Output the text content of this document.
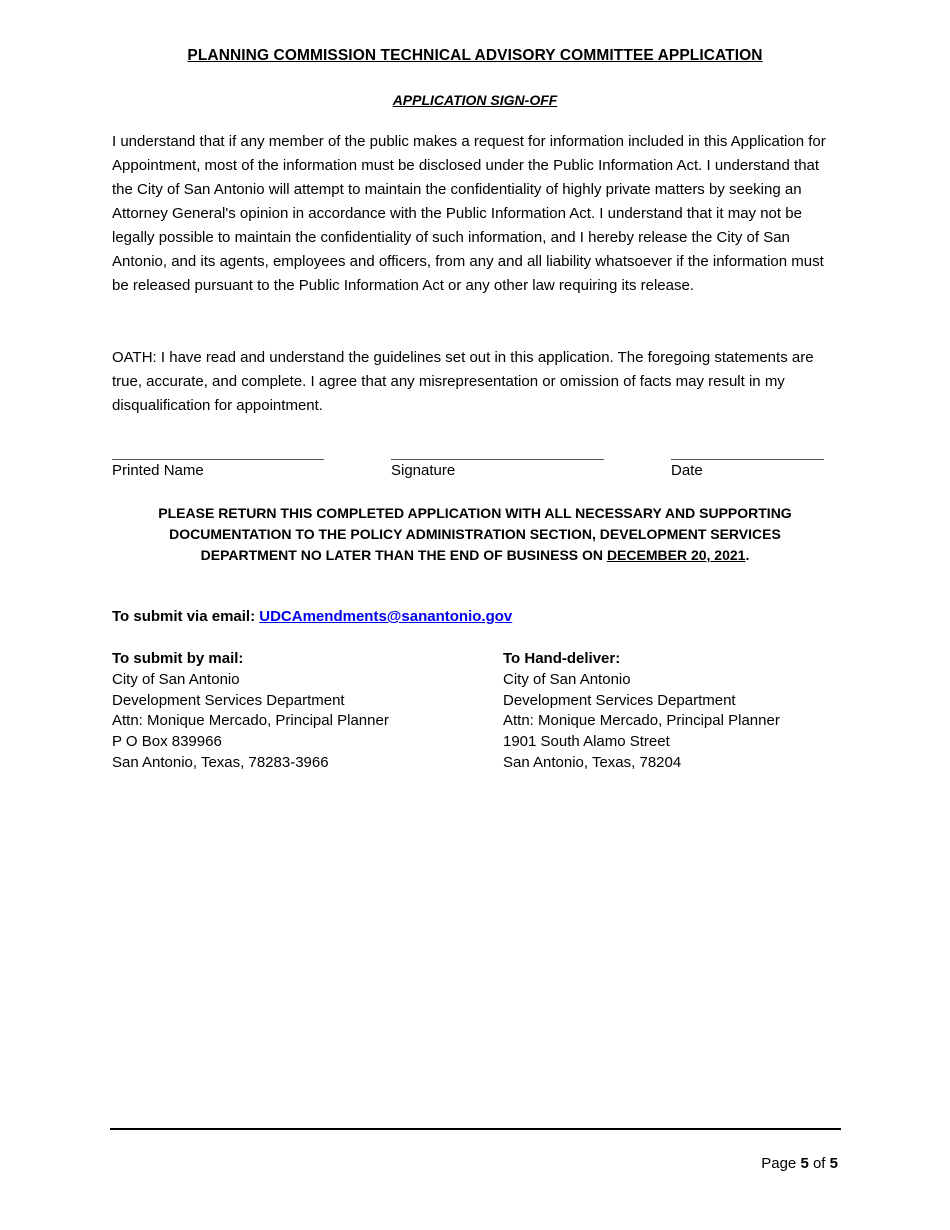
PLANNING COMMISSION TECHNICAL ADVISORY COMMITTEE APPLICATION
APPLICATION SIGN-OFF
I understand that if any member of the public makes a request for information included in this Application for Appointment, most of the information must be disclosed under the Public Information Act. I understand that the City of San Antonio will attempt to maintain the confidentiality of highly private matters by seeking an Attorney General's opinion in accordance with the Public Information Act. I understand that it may not be legally possible to maintain the confidentiality of such information, and I hereby release the City of San Antonio, and its agents, employees and officers, from any and all liability whatsoever if the information must be released pursuant to the Public Information Act or any other law requiring its release.
OATH: I have read and understand the guidelines set out in this application. The foregoing statements are true, accurate, and complete. I agree that any misrepresentation or omission of facts may result in my disqualification for appointment.
Printed Name	Signature	Date
PLEASE RETURN THIS COMPLETED APPLICATION WITH ALL NECESSARY AND SUPPORTING
DOCUMENTATION TO THE POLICY ADMINISTRATION SECTION, DEVELOPMENT SERVICES
DEPARTMENT NO LATER THAN THE END OF BUSINESS ON DECEMBER 20, 2021.
To submit via email: UDCAmendments@sanantonio.gov
To submit by mail:
City of San Antonio
Development Services Department
Attn: Monique Mercado, Principal Planner
P O Box 839966
San Antonio, Texas, 78283-3966
To Hand-deliver:
City of San Antonio
Development Services Department
Attn: Monique Mercado, Principal Planner
1901 South Alamo Street
San Antonio, Texas, 78204
Page 5 of 5
